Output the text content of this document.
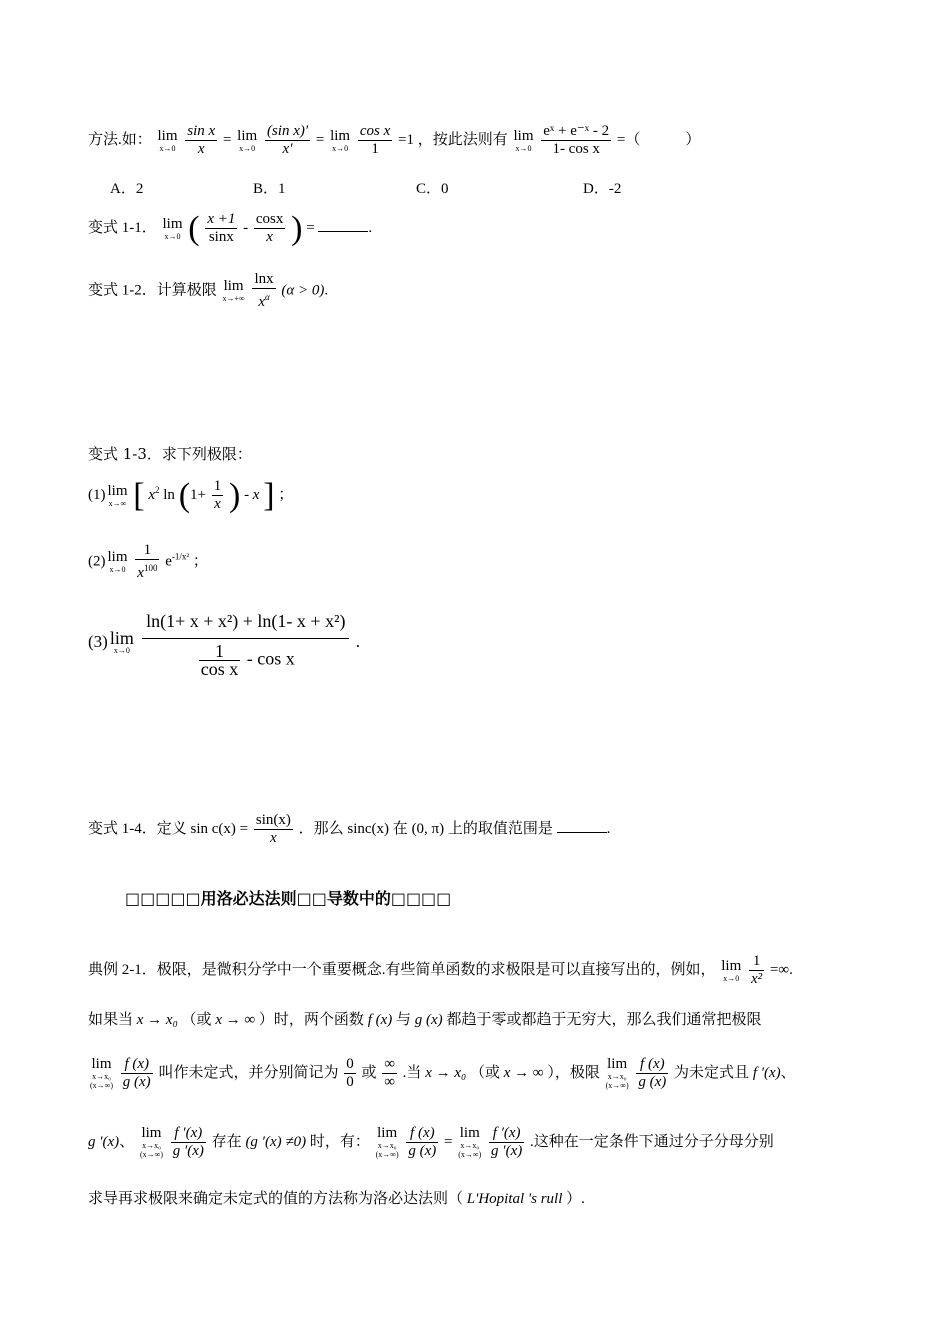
方法.如： lim
x→0
$\frac{\text{sin x}}{x} = \lim$
x→0
$\frac{\text{(sin x)′}}{x'} = \lim$
x→0
$\frac{\text{cos x}}{1} =1$ ，按此法则有 lim
x→0
$\frac{\text{eˣ + e⁻ˣ - 2}}{\text{1- cos x}}$ =（　　　）
A．2	B．1	C．0	D．-2
变式 1-1． lim
x→0 ( $\frac{x +1}{\sin x} - \frac{\cos x}{x}$ ) =	.
变式 1-2．计算极限 lim
x→+∞
$\frac{\ln x}{x^\alpha} (\alpha > 0)$.
变式 1-3．求下列极限：
(1) lim
x→∞ [ $x^2$ $\ln (1+ \frac{1}{x}$ ) - x ] ；
(2) lim
x→0
$\frac{1}{x^{100}} e^{-1/x^2}$ ；
(3) lim
x→0
$\frac{\text{ln(1+ x + x²) + ln(1- x + x²)}}{\frac{1}{\text{cos x}} - \cos x}$ .
变式 1-4．定义 $\sin c(x) = \frac{\sin(x)}{x}$ ．那么 sinc(x) 在 (0, π) 上的取值范围是	.
□□□□□用洛必达法则□□导数中的□□□□
典例 2-1．极限，是微积分学中一个重要概念.有些简单函数的求极限是可以直接写出的，例如， lim
x→0
$\frac{1}{\text{x²}}$ =∞.
如果当 x → x₀ （或 x → ∞ ）时，两个函数 f (x) 与 g (x) 都趋于零或都趋于无穷大，那么我们通常把极限
lim
x→x₀
(x→∞)
$\frac{f (x)}{g (x)}$ 叫作未定式，并分别简记为 $\frac{0}{0}$ 或 $\frac{\infty}{\infty}$ .当 x → x₀ （或 x → ∞ ），极限
lim
x→x₀
(x→∞)
$\frac{f (x)}{g (x)}$ 为未定式且 f ′(x)、
g ′(x)、
lim
x→x₀
(x→∞)
$\frac{f '(x)}{g '(x)}$ 存在 (g ′(x) ≠0) 时，有：
lim
x→x₀
(x→∞)
$\frac{f (x)}{g (x)}$ =
lim
x→x₀
(x→∞)
$\frac{f '(x)}{g '(x)}$ .这种在一定条件下通过分子分母分别
求导再求极限来确定未定式的值的方法称为洛必达法则（ L'Hopital 's rull ）.
